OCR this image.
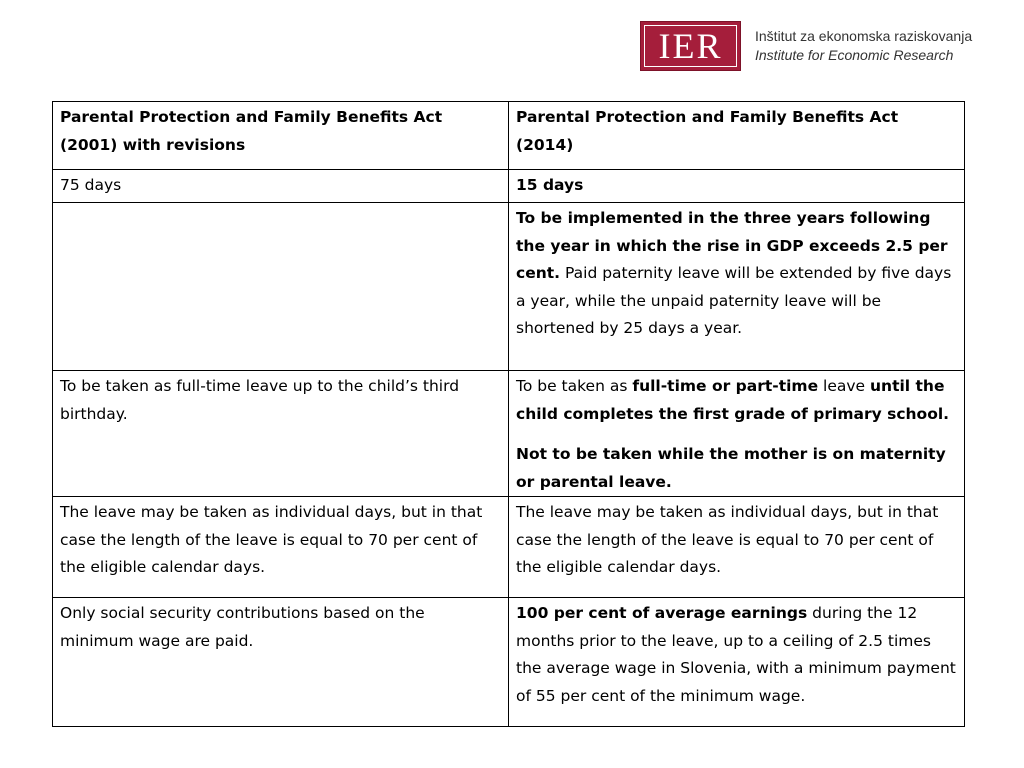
IER	Inštitut za ekonomska raziskovanja
Institute for Economic Research
Parental Protection and Family Benefits Act (2001) with revisions	Parental Protection and Family Benefits Act (2014)
75 days	15 days
	To be implemented in the three years following the year in which the rise in GDP exceeds 2.5 per cent. Paid paternity leave will be extended by five days a year, while the unpaid paternity leave will be shortened by 25 days a year.
To be taken as full-time leave up to the child’s third birthday.	To be taken as full-time or part-time leave until the child completes the first grade of primary school.

Not to be taken while the mother is on maternity or parental leave.

The leave may be taken as individual days, but in that case the length of the leave is equal to 70 per cent of the eligible calendar days.	The leave may be taken as individual days, but in that case the length of the leave is equal to 70 per cent of the eligible calendar days.
Only social security contributions based on the minimum wage are paid.	100 per cent of average earnings during the 12 months prior to the leave, up to a ceiling of 2.5 times the average wage in Slovenia, with a minimum payment of 55 per cent of the minimum wage.
